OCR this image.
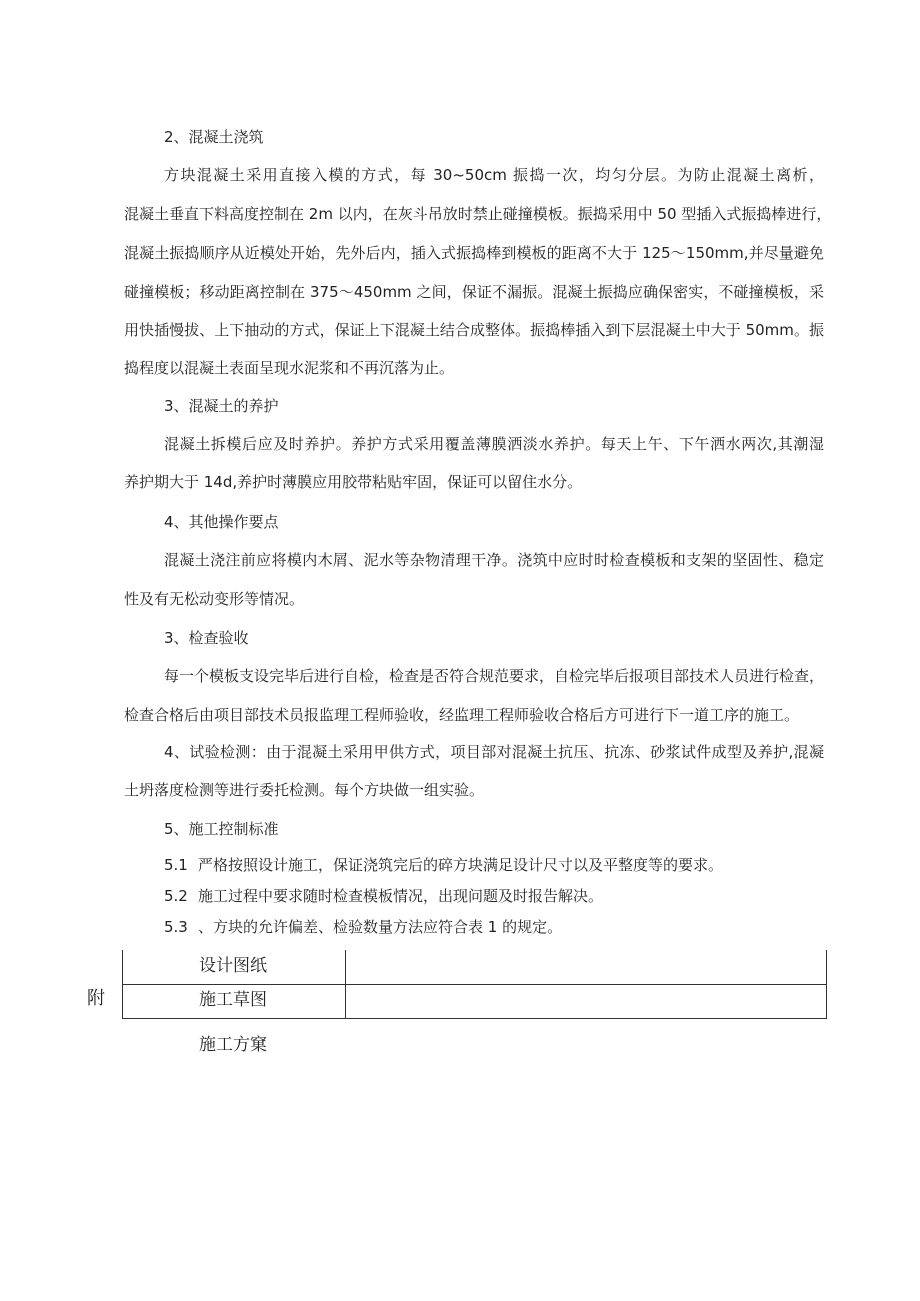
2、混凝土浇筑
方块混凝土采用直接入模的方式，每 30~50cm 振捣一次，均匀分层。为防止混凝土离析，
混凝土垂直下料高度控制在 2m 以内，在灰斗吊放时禁止碰撞模板。振捣采用中 50 型插入式振捣棒进行，
混凝土振捣顺序从近模处开始，先外后内，插入式振捣棒到模板的距离不大于 125～150mm,并尽量避免
碰撞模板；移动距离控制在 375～450mm 之间，保证不漏振。混凝土振捣应确保密实，不碰撞模板，采
用快插慢拔、上下抽动的方式，保证上下混凝土结合成整体。振捣棒插入到下层混凝土中大于 50mm。振
捣程度以混凝土表面呈现水泥浆和不再沉落为止。
3、混凝土的养护
混凝土拆模后应及时养护。养护方式采用覆盖薄膜洒淡水养护。每天上午、下午洒水两次,其潮湿
养护期大于 14d,养护时薄膜应用胶带粘贴牢固，保证可以留住水分。
4、其他操作要点
混凝土浇注前应将模内木屑、泥水等杂物清理干净。浇筑中应时时检查模板和支架的坚固性、稳定
性及有无松动变形等情况。
3、检查验收
每一个模板支设完毕后进行自检，检查是否符合规范要求，自检完毕后报项目部技术人员进行检查，
检查合格后由项目部技术员报监理工程师验收，经监理工程师验收合格后方可进行下一道工序的施工。
4、试验检测：由于混凝土采用甲供方式，项目部对混凝土抗压、抗冻、砂浆试件成型及养护,混凝
土坍落度检测等进行委托检测。每个方块做一组实验。
5、施工控制标准
5.1 严格按照设计施工，保证浇筑完后的碎方块满足设计尺寸以及平整度等的要求。
5.2 施工过程中要求随时检查模板情况，出现问题及时报告解决。
5.3 、方块的允许偏差、检验数量方法应符合表 1 的规定。
设计图纸
施工草图
附
施工方窠
